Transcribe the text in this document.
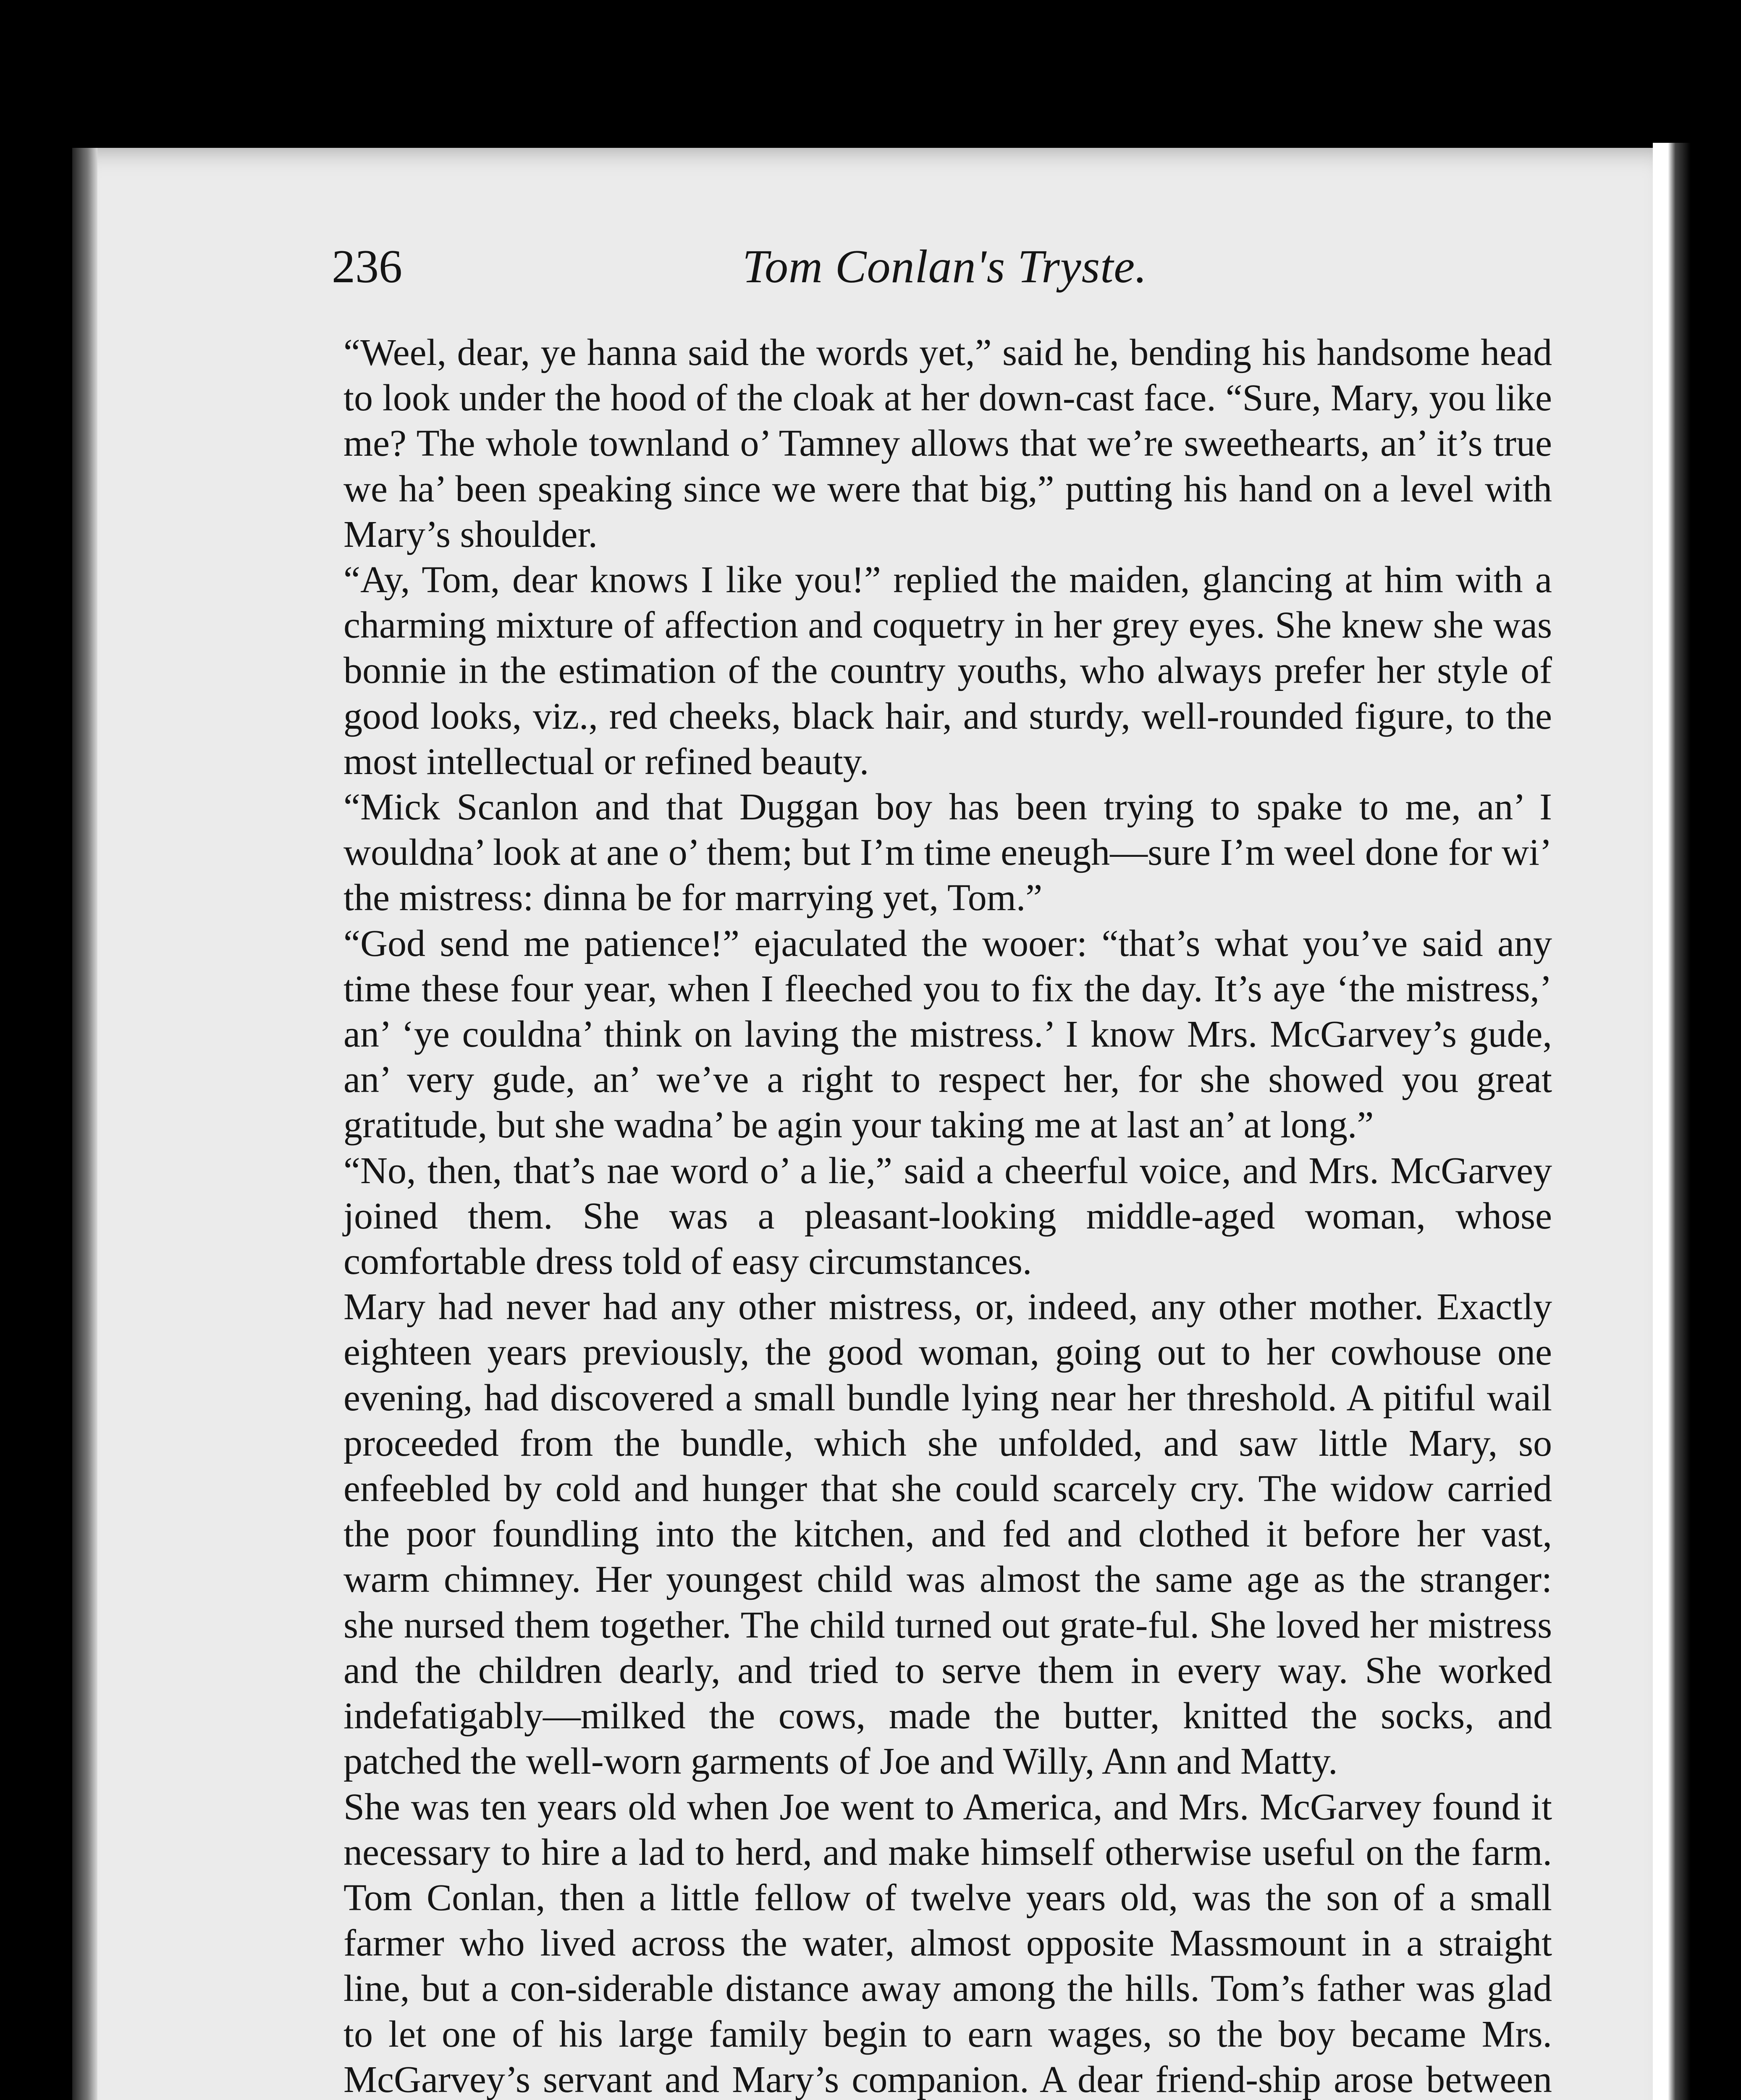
236	Tom Conlan's Tryste.

“Weel, dear, ye hanna said the words yet,” said he, bending his handsome head to look under the hood of the cloak at her down-cast face. “Sure, Mary, you like me? The whole townland o’ Tamney allows that we’re sweethearts, an’ it’s true we ha’ been speaking since we were that big,” putting his hand on a level with Mary’s shoulder.

“Ay, Tom, dear knows I like you!” replied the maiden, glancing at him with a charming mixture of affection and coquetry in her grey eyes. She knew she was bonnie in the estimation of the country youths, who always prefer her style of good looks, viz., red cheeks, black hair, and sturdy, well-rounded figure, to the most intellectual or refined beauty.

“Mick Scanlon and that Duggan boy has been trying to spake to me, an’ I wouldna’ look at ane o’ them; but I’m time eneugh—sure I’m weel done for wi’ the mistress: dinna be for marrying yet, Tom.”

“God send me patience!” ejaculated the wooer: “that’s what you’ve said any time these four year, when I fleeched you to fix the day. It’s aye ‘the mistress,’ an’ ‘ye couldna’ think on laving the mistress.’ I know Mrs. McGarvey’s gude, an’ very gude, an’ we’ve a right to respect her, for she showed you great gratitude, but she wadna’ be agin your taking me at last an’ at long.”

“No, then, that’s nae word o’ a lie,” said a cheerful voice, and Mrs. McGarvey joined them. She was a pleasant-looking middle-aged woman, whose comfortable dress told of easy circumstances.

Mary had never had any other mistress, or, indeed, any other mother. Exactly eighteen years previously, the good woman, going out to her cowhouse one evening, had discovered a small bundle lying near her threshold. A pitiful wail proceeded from the bundle, which she unfolded, and saw little Mary, so enfeebled by cold and hunger that she could scarcely cry. The widow carried the poor foundling into the kitchen, and fed and clothed it before her vast, warm chimney. Her youngest child was almost the same age as the stranger: she nursed them together. The child turned out grate-ful. She loved her mistress and the children dearly, and tried to serve them in every way. She worked indefatigably—milked the cows, made the butter, knitted the socks, and patched the well-worn garments of Joe and Willy, Ann and Matty.

She was ten years old when Joe went to America, and Mrs. McGarvey found it necessary to hire a lad to herd, and make himself otherwise useful on the farm. Tom Conlan, then a little fellow of twelve years old, was the son of a small farmer who lived across the water, almost opposite Massmount in a straight line, but a con-siderable distance away among the hills. Tom’s father was glad to let one of his large family begin to earn wages, so the boy became Mrs. McGarvey’s servant and Mary’s companion. A dear friend-ship arose between
